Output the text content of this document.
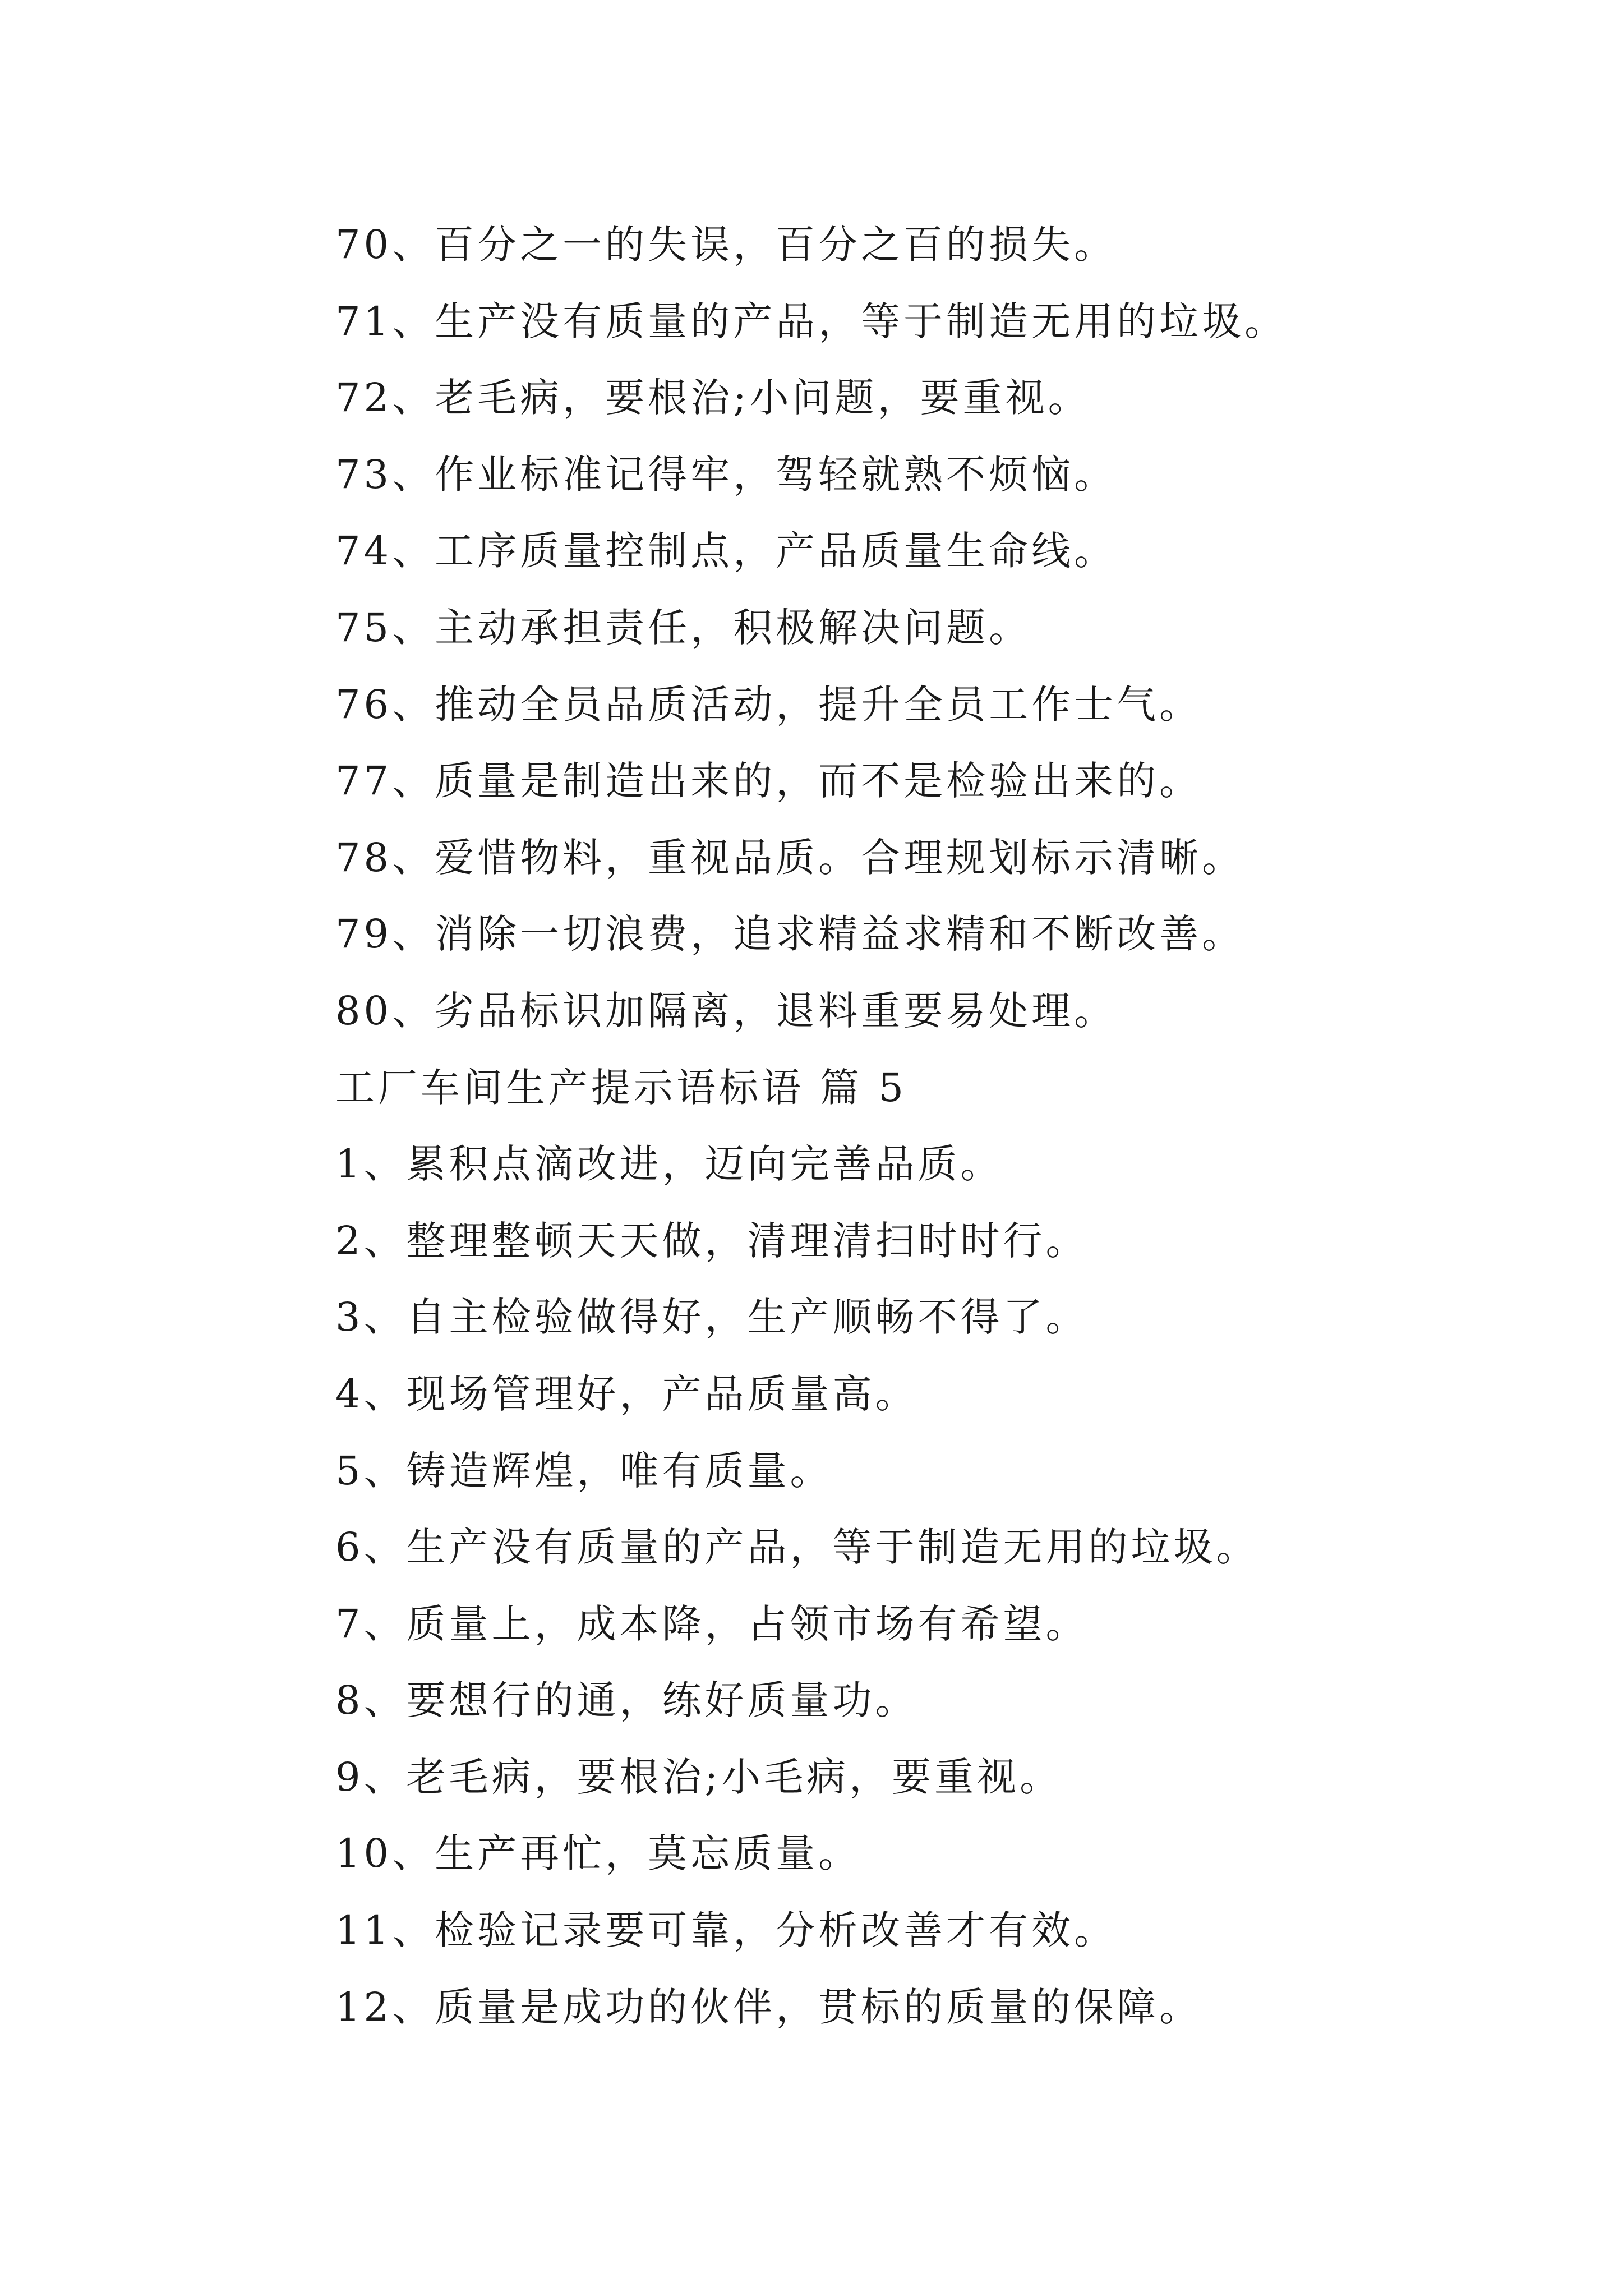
70、百分之一的失误，百分之百的损失。
71、生产没有质量的产品，等于制造无用的垃圾。
72、老毛病，要根治;小问题，要重视。
73、作业标准记得牢，驾轻就熟不烦恼。
74、工序质量控制点，产品质量生命线。
75、主动承担责任，积极解决问题。
76、推动全员品质活动，提升全员工作士气。
77、质量是制造出来的，而不是检验出来的。
78、爱惜物料，重视品质。合理规划标示清晰。
79、消除一切浪费，追求精益求精和不断改善。
80、劣品标识加隔离，退料重要易处理。
工厂车间生产提示语标语 篇 5
1、累积点滴改进，迈向完善品质。
2、整理整顿天天做，清理清扫时时行。
3、自主检验做得好，生产顺畅不得了。
4、现场管理好，产品质量高。
5、铸造辉煌，唯有质量。
6、生产没有质量的产品，等于制造无用的垃圾。
7、质量上，成本降，占领市场有希望。
8、要想行的通，练好质量功。
9、老毛病，要根治;小毛病，要重视。
10、生产再忙，莫忘质量。
11、检验记录要可靠，分析改善才有效。
12、质量是成功的伙伴，贯标的质量的保障。
